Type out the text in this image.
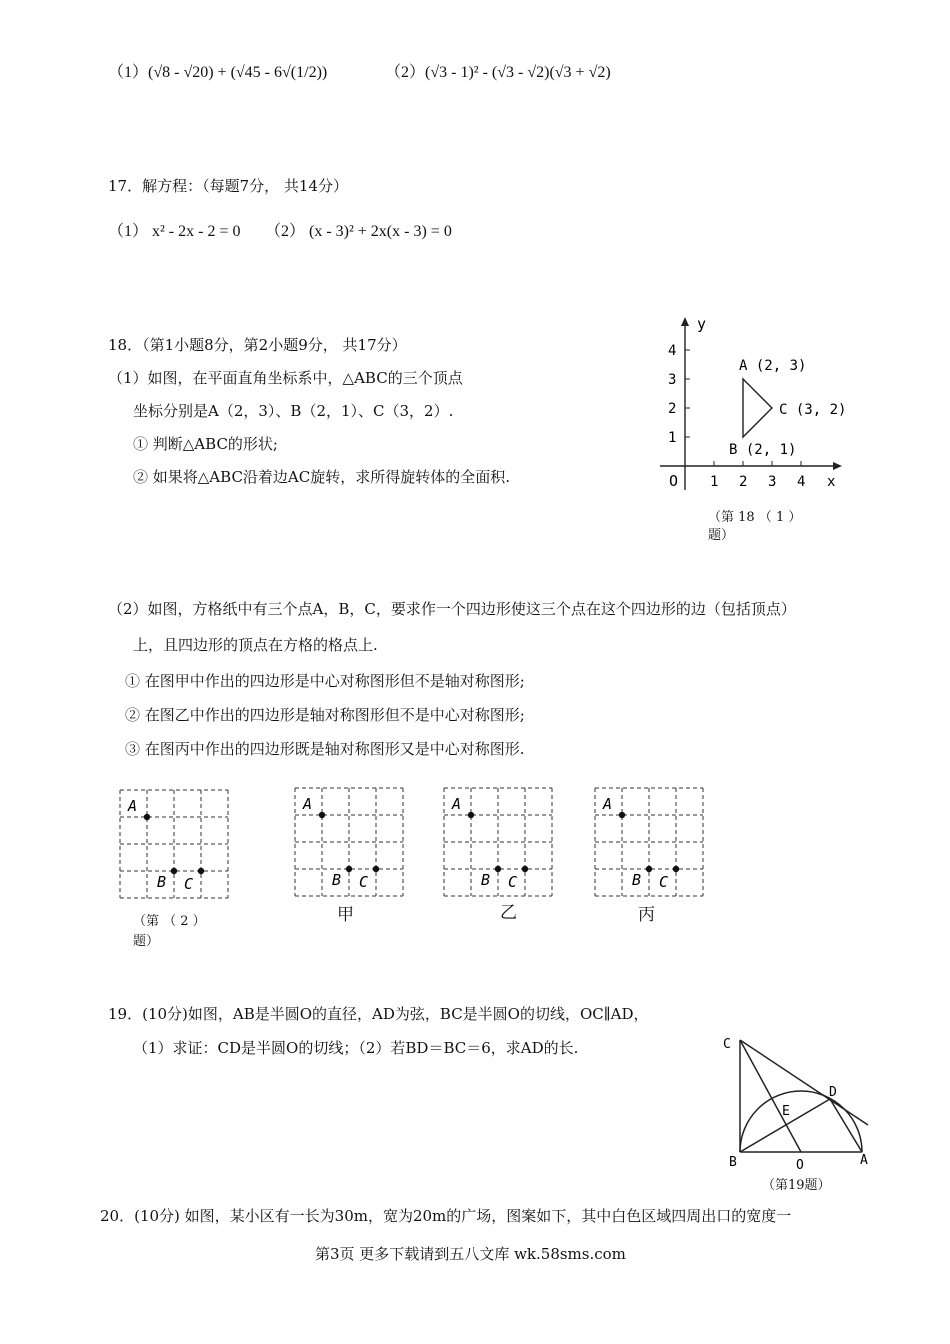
（1）(√8 - √20) + (√45 - 6√(1/2))	（2）(√3 - 1)² - (√3 - √2)(√3 + √2)
17．解方程：（每题7分， 共14分）
（1） x² - 2x - 2 = 0 （2） (x - 3)² + 2x(x - 3) = 0
18．（第1小题8分，第2小题9分， 共17分）
（1）如图，在平面直角坐标系中，△ABC的三个顶点
坐标分别是A（2，3）、B（2，1）、C（3，2）.
① 判断△ABC的形状;
② 如果将△ABC沿着边AC旋转，求所得旋转体的全面积.	1 2 3 4
1
2
3
4
x
y
O
A (2, 3)
B (2, 1)
C (3, 2)
（第 18 （ 1 ）
题）
（2）如图，方格纸中有三个点A，B，C，要求作一个四边形使这三个点在这个四边形的边（包括顶点）
上，且四边形的顶点在方格的格点上.
① 在图甲中作出的四边形是中心对称图形但不是轴对称图形;
② 在图乙中作出的四边形是轴对称图形但不是中心对称图形;
③ 在图丙中作出的四边形既是轴对称图形又是中心对称图形.
A
B C
A
B C
A
B C
A
B C
（第 （ 2 ）
题）
甲	乙	丙
19．(10分)如图，AB是半圆O的直径，AD为弦，BC是半圆O的切线，OC∥AD，
（1）求证：CD是半圆O的切线；（2）若BD＝BC＝6，求AD的长.	C
D
E
B	O	A
（第19题）
20．(10分) 如图，某小区有一长为30m，宽为20m的广场，图案如下，其中白色区域四周出口的宽度一
第3页 更多下载请到五八文库 wk.58sms.com
